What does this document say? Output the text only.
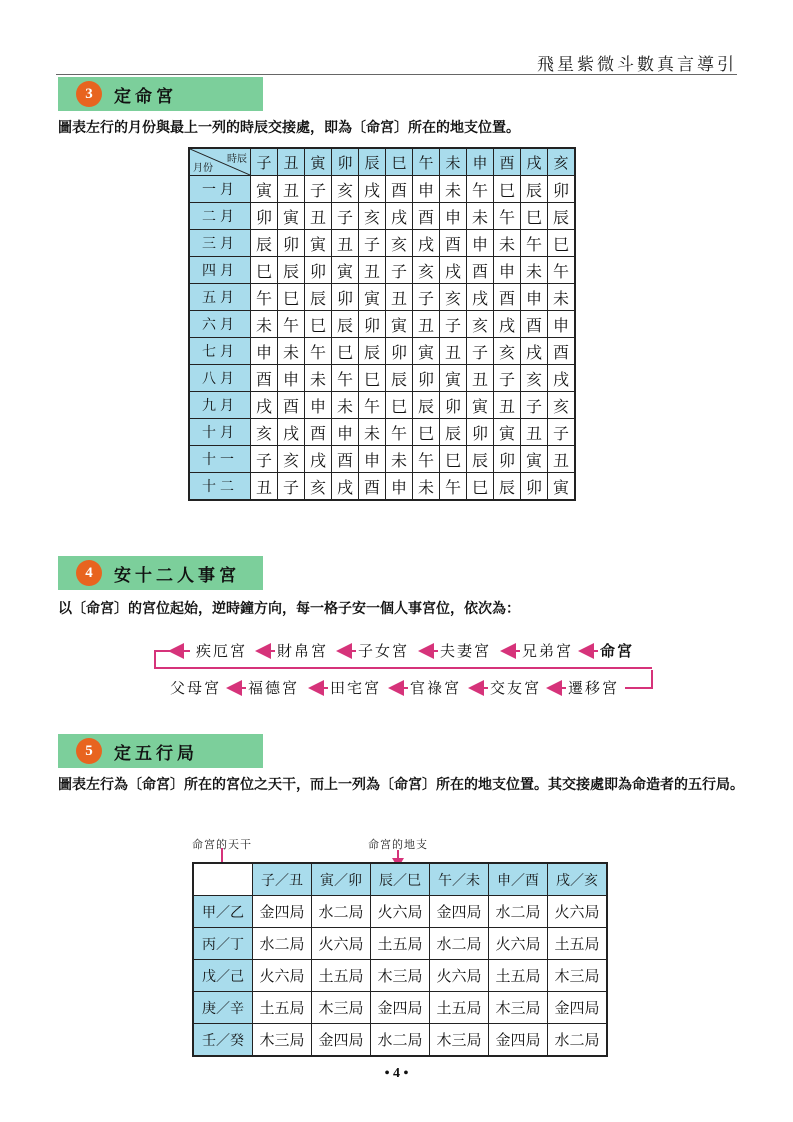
飛星紫微斗數真言導引
3	定命宮
圖表左行的月份與最上一列的時辰交接處，即為〔命宮〕所在的地支位置。
時辰
月份	子	丑	寅	卯	辰	巳	午	未	申	酉	戌	亥
一月	寅	丑	子	亥	戌	酉	申	未	午	巳	辰	卯
二月	卯	寅	丑	子	亥	戌	酉	申	未	午	巳	辰
三月	辰	卯	寅	丑	子	亥	戌	酉	申	未	午	巳
四月	巳	辰	卯	寅	丑	子	亥	戌	酉	申	未	午
五月	午	巳	辰	卯	寅	丑	子	亥	戌	酉	申	未
六月	未	午	巳	辰	卯	寅	丑	子	亥	戌	酉	申
七月	申	未	午	巳	辰	卯	寅	丑	子	亥	戌	酉
八月	酉	申	未	午	巳	辰	卯	寅	丑	子	亥	戌
九月	戌	酉	申	未	午	巳	辰	卯	寅	丑	子	亥
十月	亥	戌	酉	申	未	午	巳	辰	卯	寅	丑	子
十一	子	亥	戌	酉	申	未	午	巳	辰	卯	寅	丑
十二	丑	子	亥	戌	酉	申	未	午	巳	辰	卯	寅
4	安十二人事宮
以〔命宮〕的宮位起始，逆時鐘方向，每一格子安一個人事宮位，依次為：
疾厄宮 財帛宮 子女宮 夫妻宮 兄弟宮 命宮
父母宮 福德宮 田宅宮 官祿宮 交友宮 遷移宮
5	定五行局
圖表左行為〔命宮〕所在的宮位之天干，而上一列為〔命宮〕所在的地支位置。其交接處即為命造者的五行局。
命宮的天干	命宮的地支
	子／丑	寅／卯	辰／巳	午／未	申／酉	戌／亥
甲／乙	金四局	水二局	火六局	金四局	水二局	火六局
丙／丁	水二局	火六局	土五局	水二局	火六局	土五局
戊／己	火六局	土五局	木三局	火六局	土五局	木三局
庚／辛	土五局	木三局	金四局	土五局	木三局	金四局
壬／癸	木三局	金四局	水二局	木三局	金四局	水二局
• 4 •
